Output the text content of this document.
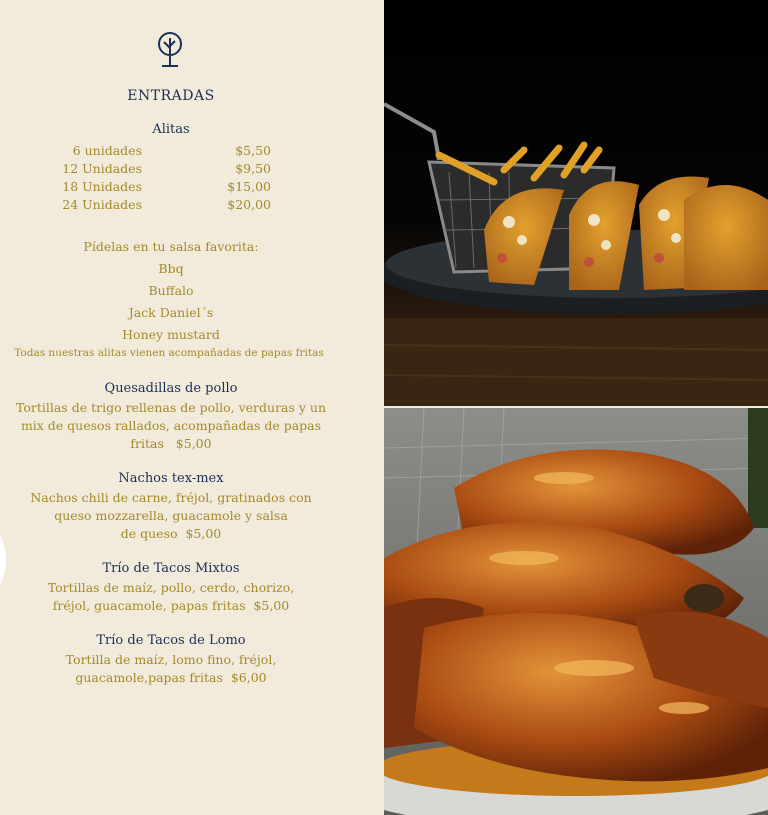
ENTRADAS
Alitas
6 unidades	$5,50
12 Unidades	$9,50
18 Unidades	$15,00
24 Unidades	$20,00
Pídelas en tu salsa favorita:
Bbq
Buffalo
Jack Daniel´s
Honey mustard
Todas nuestras alitas vienen acompañadas de papas fritas
Quesadillas de pollo
Tortillas de trigo rellenas de pollo, verduras y un
mix de quesos rallados, acompañadas de papas
fritas   $5,00
Nachos tex-mex
Nachos chili de carne, fréjol, gratinados con
queso mozzarella, guacamole y salsa
de queso  $5,00
Trío de Tacos Mixtos
Tortillas de maíz, pollo, cerdo, chorizo,
fréjol, guacamole, papas fritas  $5,00
Trío de Tacos de Lomo
Tortilla de maíz, lomo fino, fréjol,
guacamole,papas fritas  $6,00
